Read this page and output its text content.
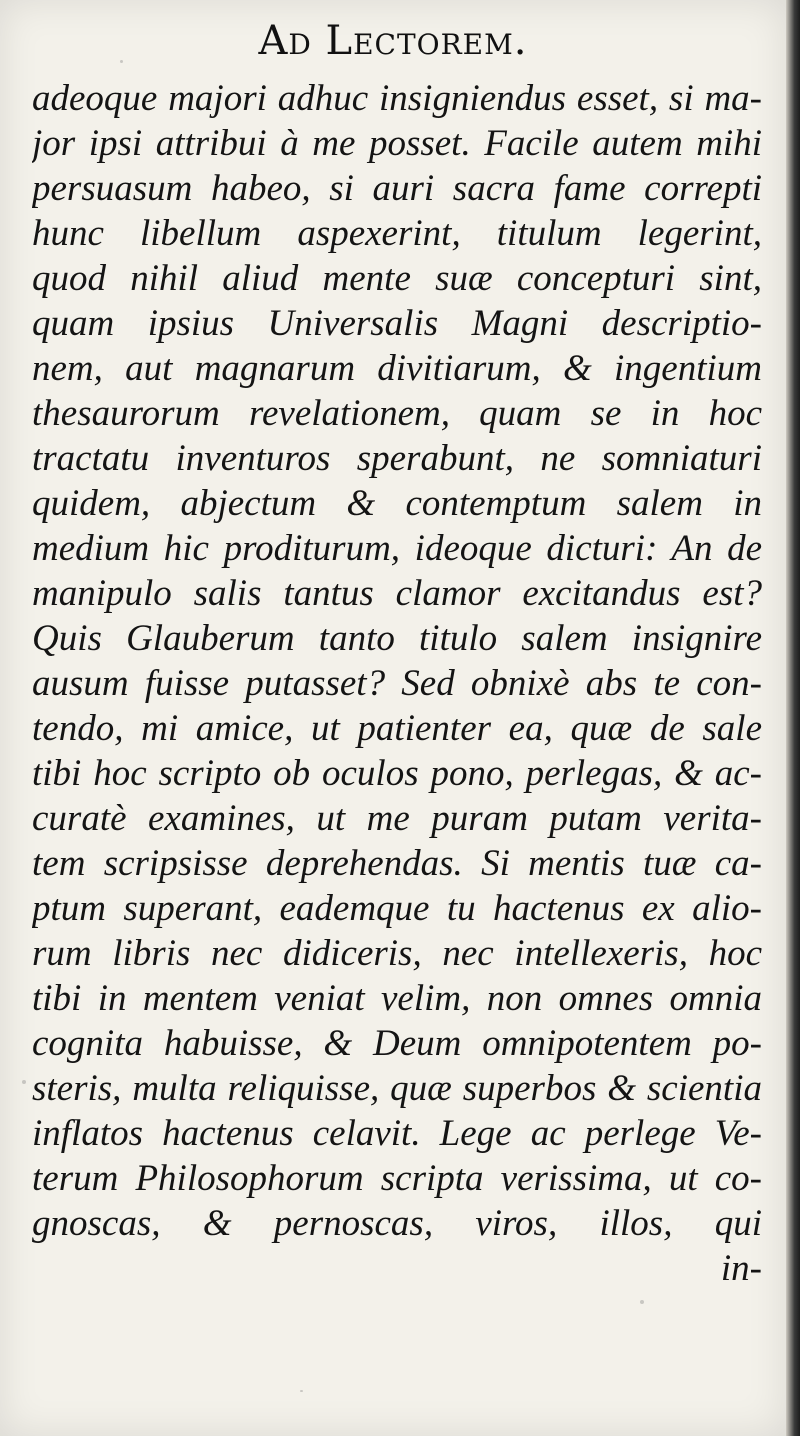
Ad Lectorem.
adeoque majori adhuc insigniendus esset, si ma-
jor ipsi attribui à me posset. Facile autem mihi
persuasum habeo, si auri sacra fame correpti
hunc libellum aspexerint, titulum legerint,
quod nihil aliud mente suæ concepturi sint,
quam ipsius Universalis Magni descriptio-
nem, aut magnarum divitiarum, & ingentium
thesaurorum revelationem, quam se in hoc
tractatu inventuros sperabunt, ne somniaturi
quidem, abjectum & contemptum salem in
medium hic proditurum, ideoque dicturi: An de
manipulo salis tantus clamor excitandus est?
Quis Glauberum tanto titulo salem insignire
ausum fuisse putasset? Sed obnixè abs te con-
tendo, mi amice, ut patienter ea, quæ de sale
tibi hoc scripto ob oculos pono, perlegas, & ac-
curatè examines, ut me puram putam verita-
tem scripsisse deprehendas. Si mentis tuæ ca-
ptum superant, eademque tu hactenus ex alio-
rum libris nec didiceris, nec intellexeris, hoc
tibi in mentem veniat velim, non omnes omnia
cognita habuisse, & Deum omnipotentem po-
steris, multa reliquisse, quæ superbos & scientia
inflatos hactenus celavit. Lege ac perlege Ve-
terum Philosophorum scripta verissima, ut co-
gnoscas, & pernoscas, viros, illos, qui
in-
